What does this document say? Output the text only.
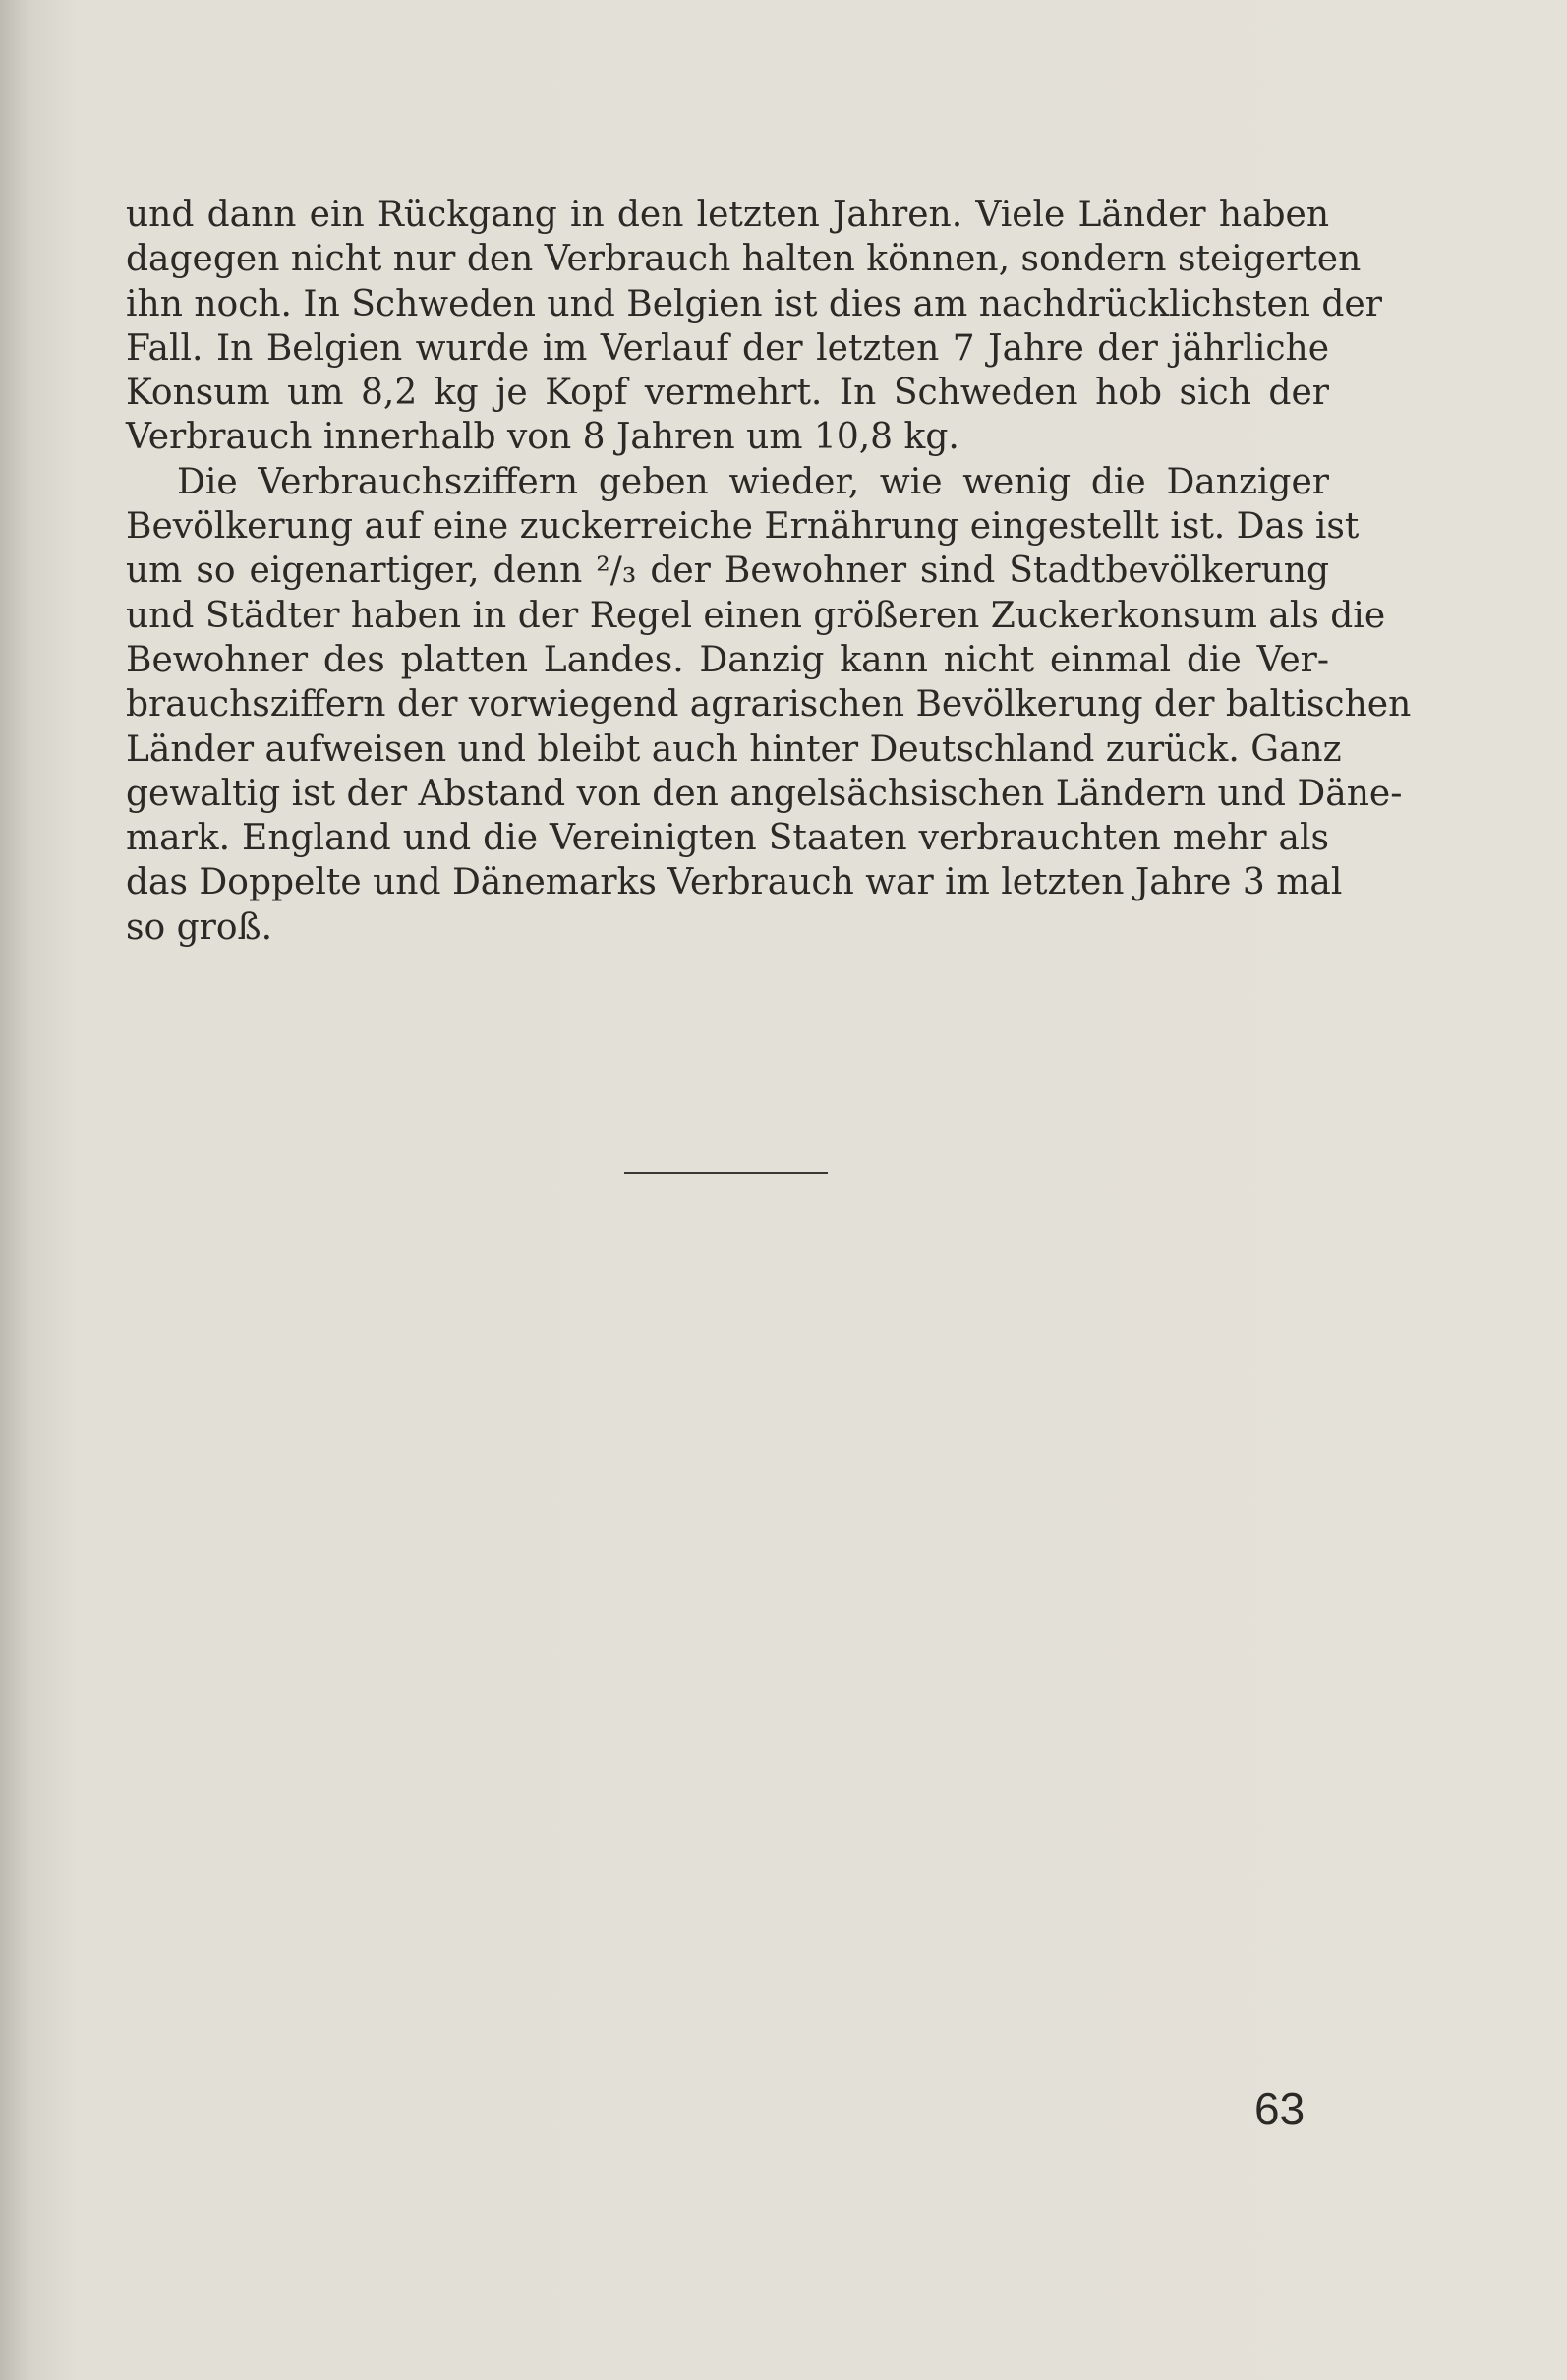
und dann ein Rückgang in den letzten Jahren. Viele Länder haben
dagegen nicht nur den Verbrauch halten können, sondern steigerten
ihn noch. In Schweden und Belgien ist dies am nachdrücklichsten der
Fall. In Belgien wurde im Verlauf der letzten 7 Jahre der jährliche
Konsum um 8,2 kg je Kopf vermehrt. In Schweden hob sich der
Verbrauch innerhalb von 8 Jahren um 10,8 kg.
Die Verbrauchsziffern geben wieder, wie wenig die Danziger
Bevölkerung auf eine zuckerreiche Ernährung eingestellt ist. Das ist
um so eigenartiger, denn ²/₃ der Bewohner sind Stadtbevölkerung
und Städter haben in der Regel einen größeren Zuckerkonsum als die
Bewohner des platten Landes. Danzig kann nicht einmal die Ver-
brauchsziffern der vorwiegend agrarischen Bevölkerung der baltischen
Länder aufweisen und bleibt auch hinter Deutschland zurück. Ganz
gewaltig ist der Abstand von den angelsächsischen Ländern und Däne-
mark. England und die Vereinigten Staaten verbrauchten mehr als
das Doppelte und Dänemarks Verbrauch war im letzten Jahre 3 mal
so groß.
63
